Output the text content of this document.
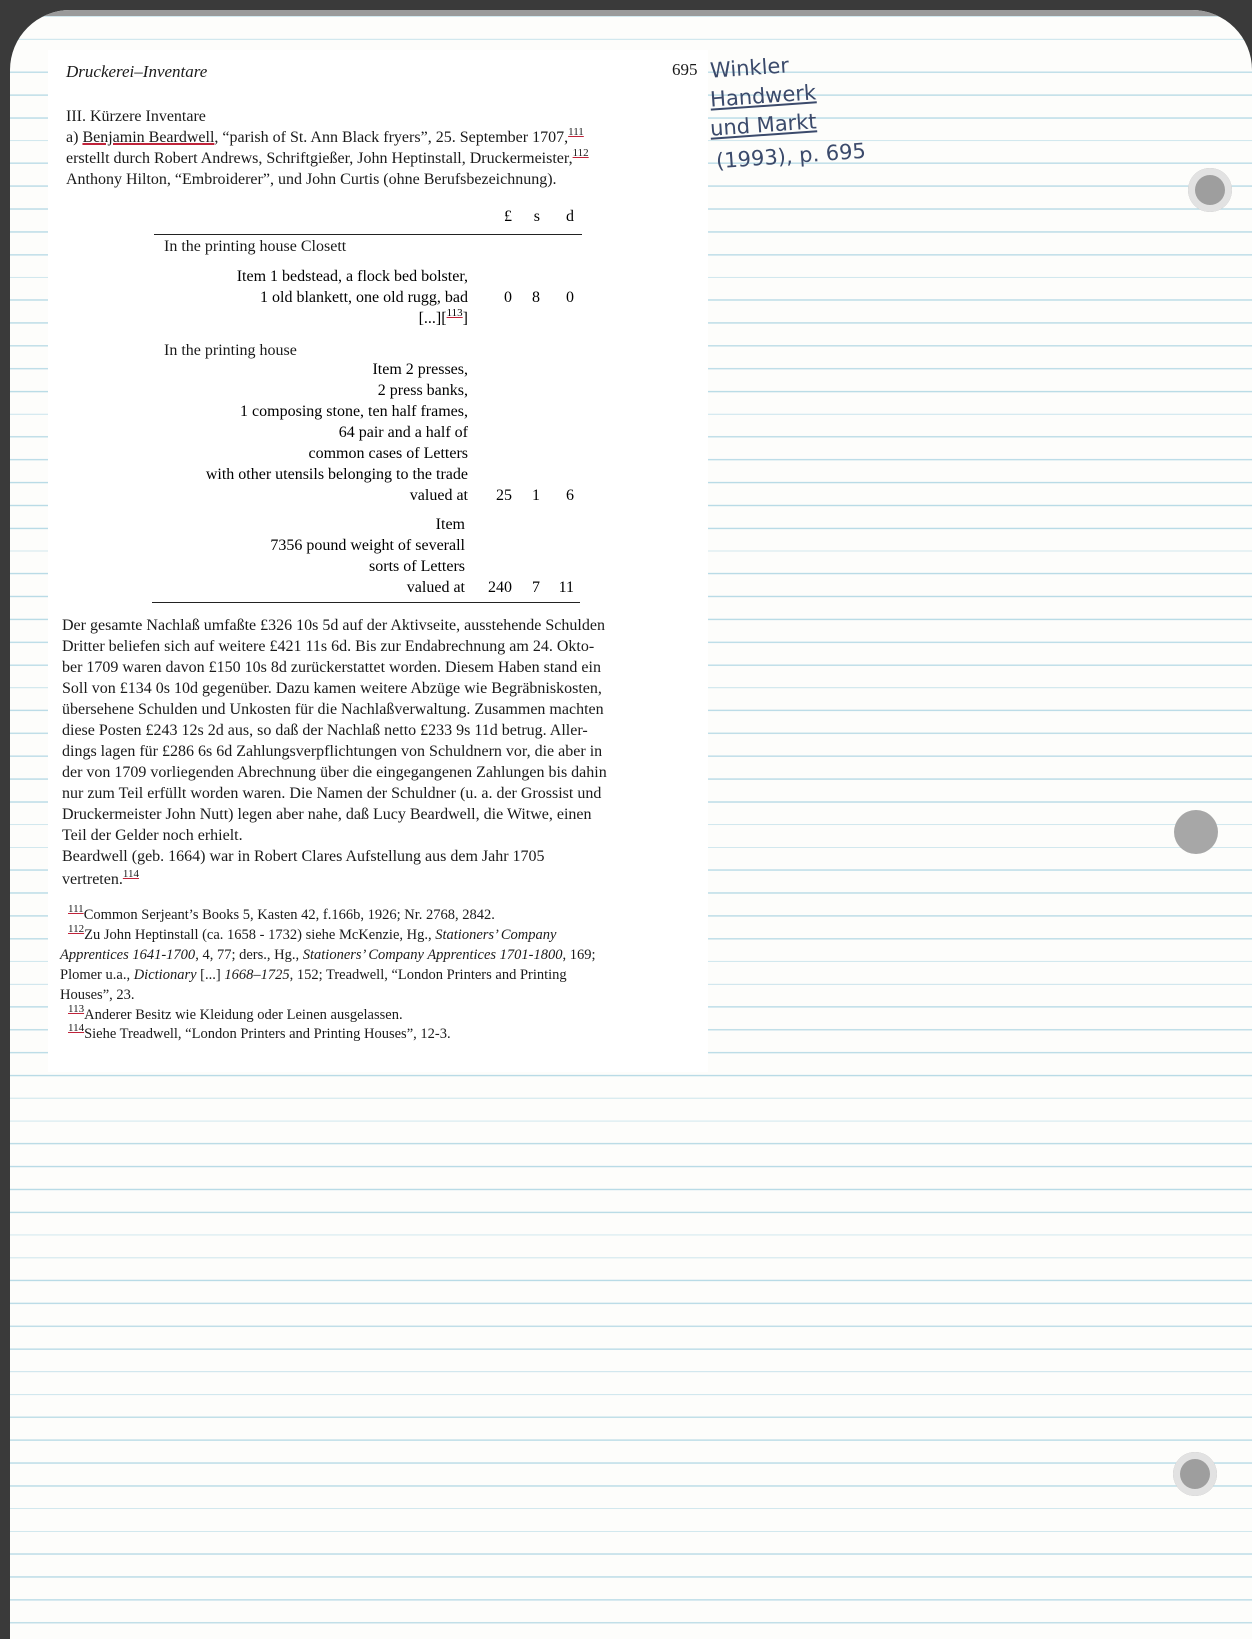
Winkler
Handwerk
und Markt
(1993), p. 695
Druckerei–Inventare	695
III. Kürzere Inventare
a) Benjamin Beardwell, “parish of St. Ann Black fryers”, 25. September 1707,$^{111}$
erstellt durch Robert Andrews, Schriftgießer, John Heptinstall, Druckermeister,$^{112}$
Anthony Hilton, “Embroiderer”, und John Curtis (ohne Berufsbezeichnung).
£	s	d
In the printing house Closett
Item 1 bedstead, a flock bed bolster,
1 old blankett, one old rugg, bad
[...][$^{113}$]
0	8	0
In the printing house
Item 2 presses,
2 press banks,
1 composing stone, ten half frames,
64 pair and a half of
common cases of Letters
with other utensils belonging to the trade
valued at	25	1	6
Item
7356 pound weight of severall
sorts of Letters
valued at	240	7	11
Der gesamte Nachlaß umfaßte £326 10s 5d auf der Aktivseite, ausstehende Schulden
Dritter beliefen sich auf weitere £421 11s 6d. Bis zur Endabrechnung am 24. Okto-
ber 1709 waren davon £150 10s 8d zurückerstattet worden. Diesem Haben stand ein
Soll von £134 0s 10d gegenüber. Dazu kamen weitere Abzüge wie Begräbniskosten,
übersehene Schulden und Unkosten für die Nachlaßverwaltung. Zusammen machten
diese Posten £243 12s 2d aus, so daß der Nachlaß netto £233 9s 11d betrug. Aller-
dings lagen für £286 6s 6d Zahlungsverpflichtungen von Schuldnern vor, die aber in
der von 1709 vorliegenden Abrechnung über die eingegangenen Zahlungen bis dahin
nur zum Teil erfüllt worden waren. Die Namen der Schuldner (u. a. der Grossist und
Druckermeister John Nutt) legen aber nahe, daß Lucy Beardwell, die Witwe, einen
Teil der Gelder noch erhielt.
Beardwell (geb. 1664) war in Robert Clares Aufstellung aus dem Jahr 1705
vertreten.$^{114}$
$^{111}$Common Serjeant’s Books 5, Kasten 42, f.166b, 1926; Nr. 2768, 2842.
$^{112}$Zu John Heptinstall (ca. 1658 - 1732) siehe McKenzie, Hg., Stationers’ Company
Apprentices 1641-1700, 4, 77; ders., Hg., Stationers’ Company Apprentices 1701-1800, 169;
Plomer u.a., Dictionary [...] 1668–1725, 152; Treadwell, “London Printers and Printing
Houses”, 23.
$^{113}$Anderer Besitz wie Kleidung oder Leinen ausgelassen.
$^{114}$Siehe Treadwell, “London Printers and Printing Houses”, 12-3.
